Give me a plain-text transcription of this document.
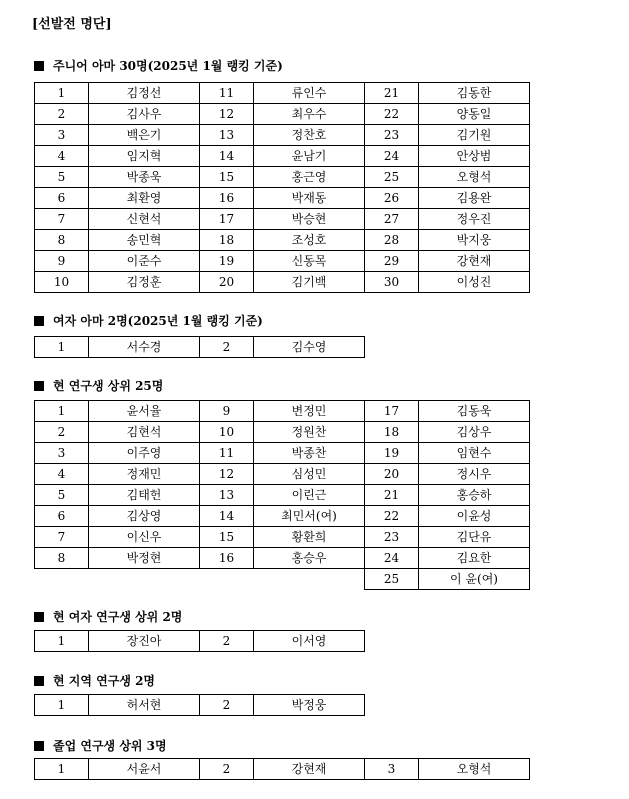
[선발전 명단]
주니어 아마 30명(2025년 1월 랭킹 기준)
1	김정선	11	류인수	21	김동한
2	김사우	12	최우수	22	양동일
3	백은기	13	정찬호	23	김기원
4	임지혁	14	윤남기	24	안상범
5	박종욱	15	홍근영	25	오형석
6	최환영	16	박재동	26	김용완
7	신현석	17	박승현	27	정우진
8	송민혁	18	조성호	28	박지웅
9	이준수	19	신동목	29	강현재
10	김정훈	20	김기백	30	이성진
여자 아마 2명(2025년 1월 랭킹 기준)
1	서수경	2	김수영
현 연구생 상위 25명
1	윤서율	9	변정민	17	김동욱
2	김현석	10	정원찬	18	김상우
3	이주영	11	박종찬	19	임현수
4	정재민	12	심성민	20	정시우
5	김태헌	13	이린근	21	홍승하
6	김상영	14	최민서(여)	22	이윤성
7	이신우	15	황환희	23	김단유
8	박정현	16	홍승우	24	김요한
				25	이 윤(여)
현 여자 연구생 상위 2명
1	장진아	2	이서영
현 지역 연구생 2명
1	허서현	2	박정웅
졸업 연구생 상위 3명
1	서윤서	2	강현재	3	오형석
